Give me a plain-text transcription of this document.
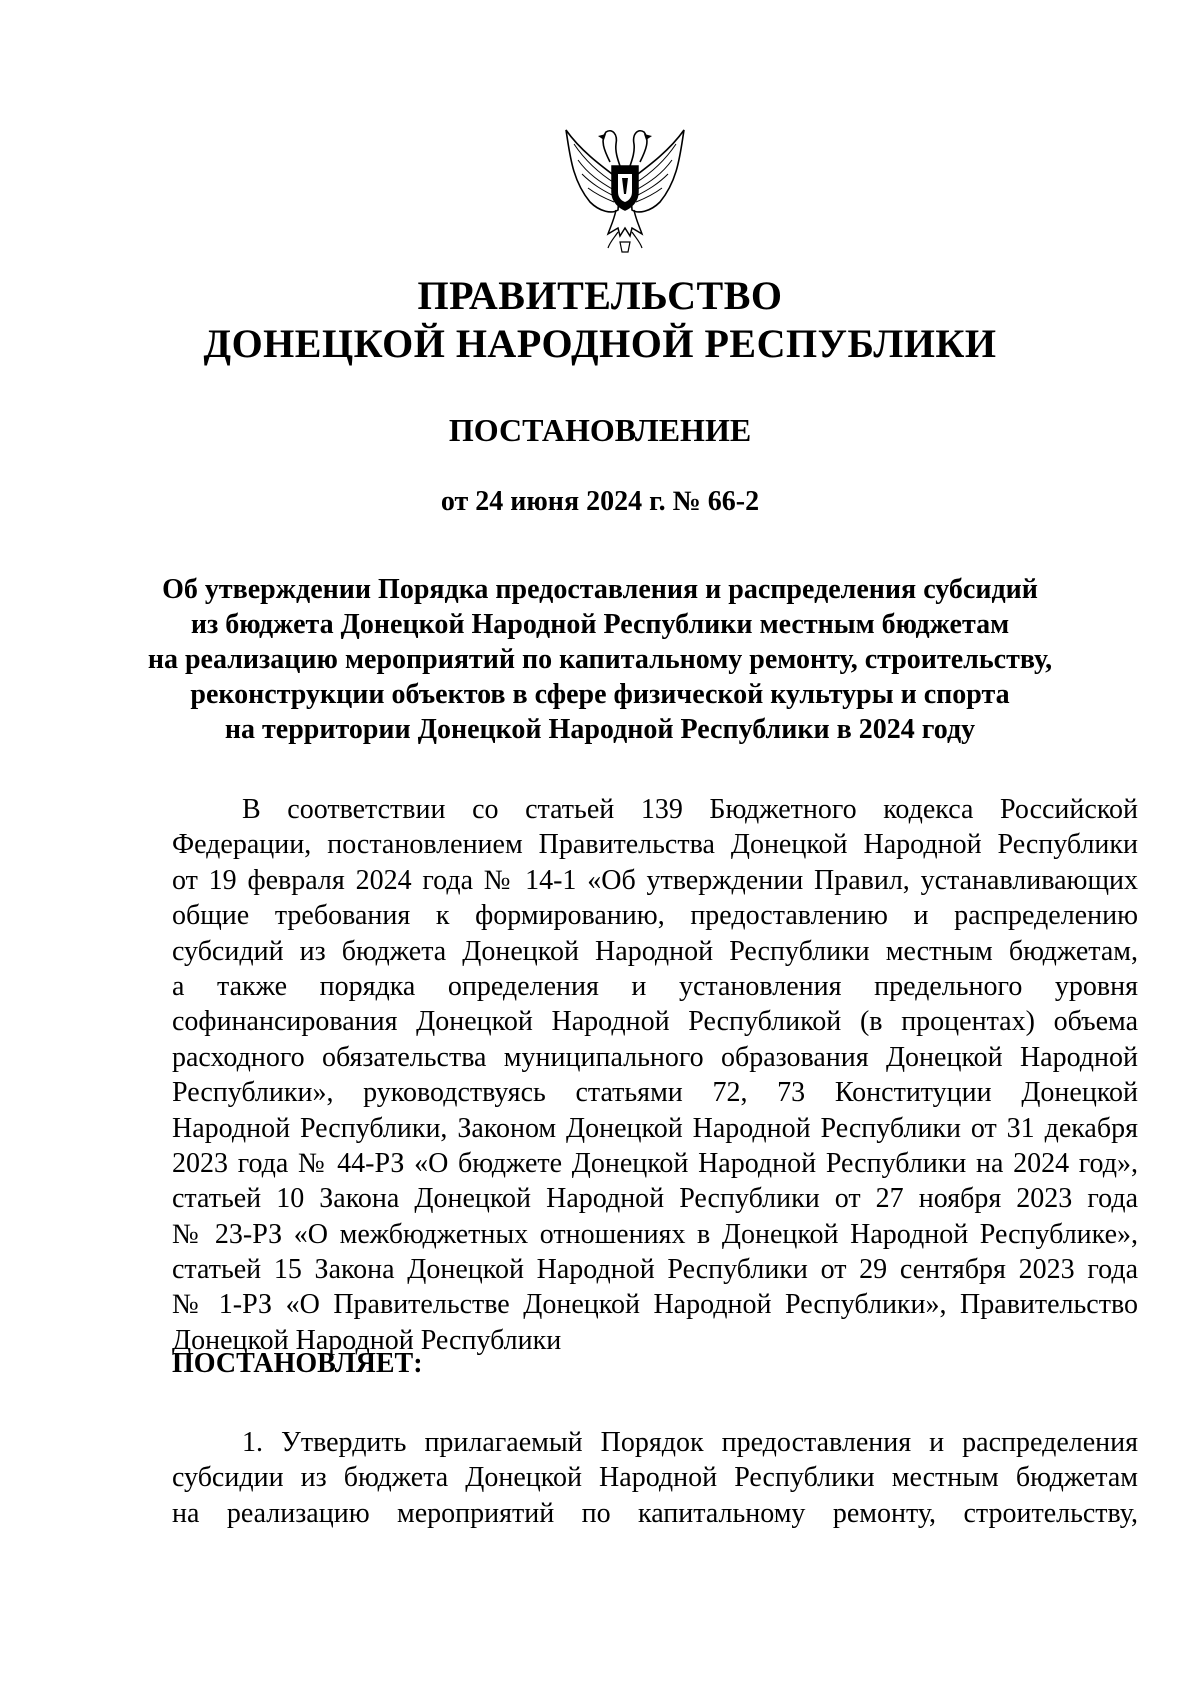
ПРАВИТЕЛЬСТВО
ДОНЕЦКОЙ НАРОДНОЙ РЕСПУБЛИКИ
ПОСТАНОВЛЕНИЕ
от 24 июня 2024 г. № 66-2
Об утверждении Порядка предоставления и распределения субсидий
из бюджета Донецкой Народной Республики местным бюджетам
на реализацию мероприятий по капитальному ремонту, строительству,
реконструкции объектов в сфере физической культуры и спорта
на территории Донецкой Народной Республики в 2024 году
В соответствии со статьей 139 Бюджетного кодекса Российской
Федерации, постановлением Правительства Донецкой Народной Республики
от 19 февраля 2024 года № 14-1 «Об утверждении Правил, устанавливающих
общие требования к формированию, предоставлению и распределению
субсидий из бюджета Донецкой Народной Республики местным бюджетам,
а также порядка определения и установления предельного уровня
софинансирования Донецкой Народной Республикой (в процентах) объема
расходного обязательства муниципального образования Донецкой Народной
Республики», руководствуясь статьями 72, 73 Конституции Донецкой
Народной Республики, Законом Донецкой Народной Республики от 31 декабря
2023 года № 44-РЗ «О бюджете Донецкой Народной Республики на 2024 год»,
статьей 10 Закона Донецкой Народной Республики от 27 ноября 2023 года
№ 23-РЗ «О межбюджетных отношениях в Донецкой Народной Республике»,
статьей 15 Закона Донецкой Народной Республики от 29 сентября 2023 года
№ 1-РЗ «О Правительстве Донецкой Народной Республики», Правительство
Донецкой Народной Республики
ПОСТАНОВЛЯЕТ:
1. Утвердить прилагаемый Порядок предоставления и распределения
субсидии из бюджета Донецкой Народной Республики местным бюджетам
на реализацию мероприятий по капитальному ремонту, строительству,
